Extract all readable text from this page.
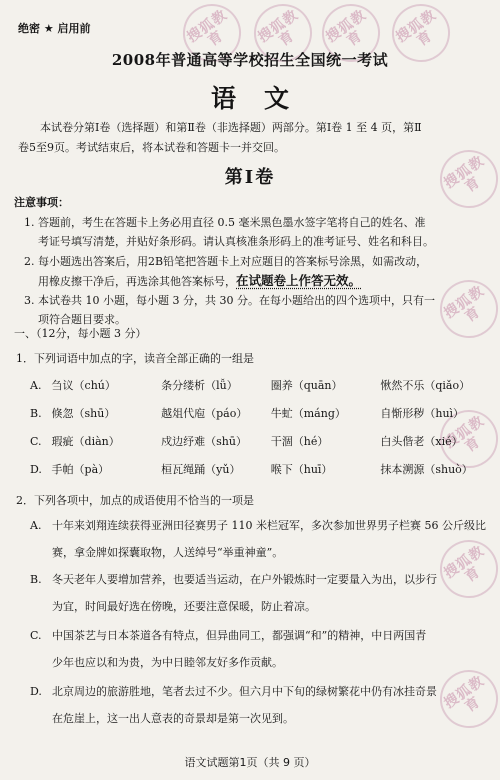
搜狐教育	搜狐教育	搜狐教育	搜狐教育
搜狐教育
搜狐教育
搜狐教育
搜狐教育
搜狐教育
绝密 ★ 启用前
2008年普通高等学校招生全国统一考试
语文
本试卷分第Ⅰ卷（选择题）和第Ⅱ卷（非选择题）两部分。第Ⅰ卷 1 至 4 页，第Ⅱ
卷5至9页。考试结束后，将本试卷和答题卡一并交回。
第Ⅰ卷
注意事项：
1. 答题前，考生在答题卡上务必用直径 0.5 毫米黑色墨水签字笔将自己的姓名、准
考证号填写清楚，并贴好条形码。请认真核准条形码上的准考证号、姓名和科目。
2. 每小题选出答案后，用2B铅笔把答题卡上对应题目的答案标号涂黑，如需改动，
用橡皮擦干净后，再选涂其他答案标号，在试题卷上作答无效。
3. 本试卷共 10 小题，每小题 3 分，共 30 分。在每小题给出的四个选项中，只有一
项符合题目要求。
一、（12分，每小题 3 分）
1．下列词语中加点的字，读音全部正确的一组是
A. 刍议（chú）	条分缕析（lǚ）	圈养（quān）	愀然不乐（qiǎo）
B. 倏忽（shū）	越俎代庖（páo）	牛虻（máng）	自惭形秽（huì）
C. 瑕疵（diàn）	戍边纾难（shū）	干涸（hé）	白头偕老（xié）
D. 手帕（pà）	桓瓦绳踊（yǔ）	喉下（huī）	抹本溯源（shuò）
2．下列各项中，加点的成语使用不恰当的一项是
A. 十年来刘翔连续获得亚洲田径赛男子 110 米栏冠军，多次参加世界男子栏赛 56 公斤级比
赛，拿金牌如探囊取物，人送绰号“举重神童”。
B. 冬天老年人要增加营养，也要适当运动，在户外锻炼时一定要量入为出，以步行
为宜，时间最好选在傍晚，还要注意保暖，防止着凉。
C. 中国茶艺与日本茶道各有特点，但异曲同工，都强调“和”的精神，中日两国青
少年也应以和为贵，为中日睦邻友好多作贡献。
D. 北京周边的旅游胜地，笔者去过不少。但六月中下旬的绿树繁花中仍有冰挂奇景
在危崖上，这一出人意表的奇景却是第一次见到。
语文试题第1页（共 9 页）
